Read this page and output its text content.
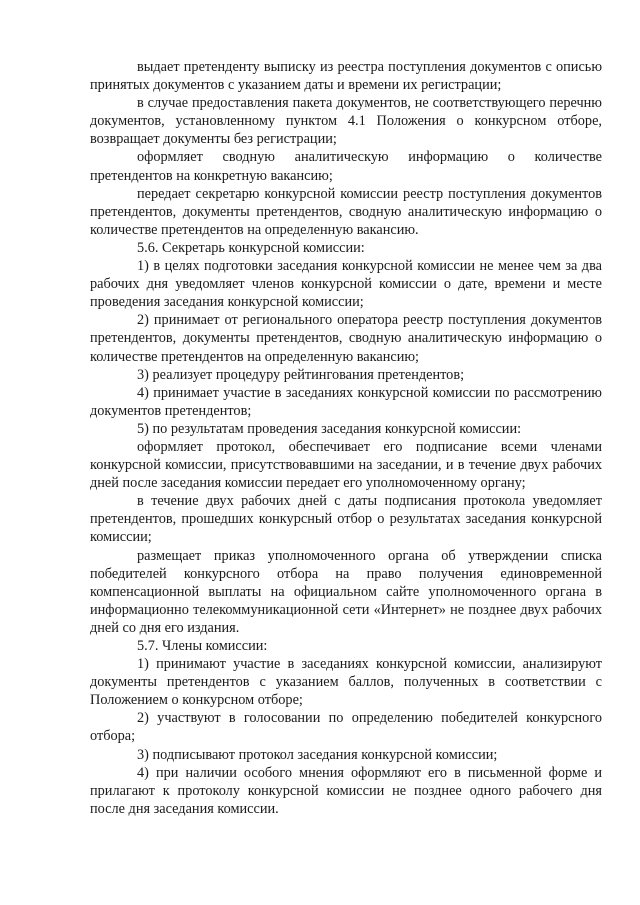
выдает претенденту выписку из реестра поступления документов с описью принятых документов с указанием даты и времени их регистрации;

в случае предоставления пакета документов, не соответствующего перечню документов, установленному пунктом 4.1 Положения о конкурсном отборе, возвращает документы без регистрации;

оформляет сводную аналитическую информацию о количестве претендентов на конкретную вакансию;

передает секретарю конкурсной комиссии реестр поступления документов претендентов, документы претендентов, сводную аналитическую информацию о количестве претендентов на определенную вакансию.

5.6. Секретарь конкурсной комиссии:

1) в целях подготовки заседания конкурсной комиссии не менее чем за два рабочих дня уведомляет членов конкурсной комиссии о дате, времени и месте проведения заседания конкурсной комиссии;

2) принимает от регионального оператора реестр поступления документов претендентов, документы претендентов, сводную аналитическую информацию о количестве претендентов на определенную вакансию;

3) реализует процедуру рейтингования претендентов;

4) принимает участие в заседаниях конкурсной комиссии по рассмотрению документов претендентов;

5) по результатам проведения заседания конкурсной комиссии:

оформляет протокол, обеспечивает его подписание всеми членами конкурсной комиссии, присутствовавшими на заседании, и в течение двух рабочих дней после заседания комиссии передает его уполномоченному органу;

в течение двух рабочих дней с даты подписания протокола уведомляет претендентов, прошедших конкурсный отбор о результатах заседания конкурсной комиссии;

размещает приказ уполномоченного органа об утверждении списка победителей конкурсного отбора на право получения единовременной компенсационной выплаты на официальном сайте уполномоченного органа в информационно телекоммуникационной сети «Интернет» не позднее двух рабочих дней со дня его издания.

5.7. Члены комиссии:

1) принимают участие в заседаниях конкурсной комиссии, анализируют документы претендентов с указанием баллов, полученных в соответствии с Положением о конкурсном отборе;

2) участвуют в голосовании по определению победителей конкурсного отбора;

3) подписывают протокол заседания конкурсной комиссии;

4) при наличии особого мнения оформляют его в письменной форме и прилагают к протоколу конкурсной комиссии не позднее одного рабочего дня после дня заседания комиссии.
